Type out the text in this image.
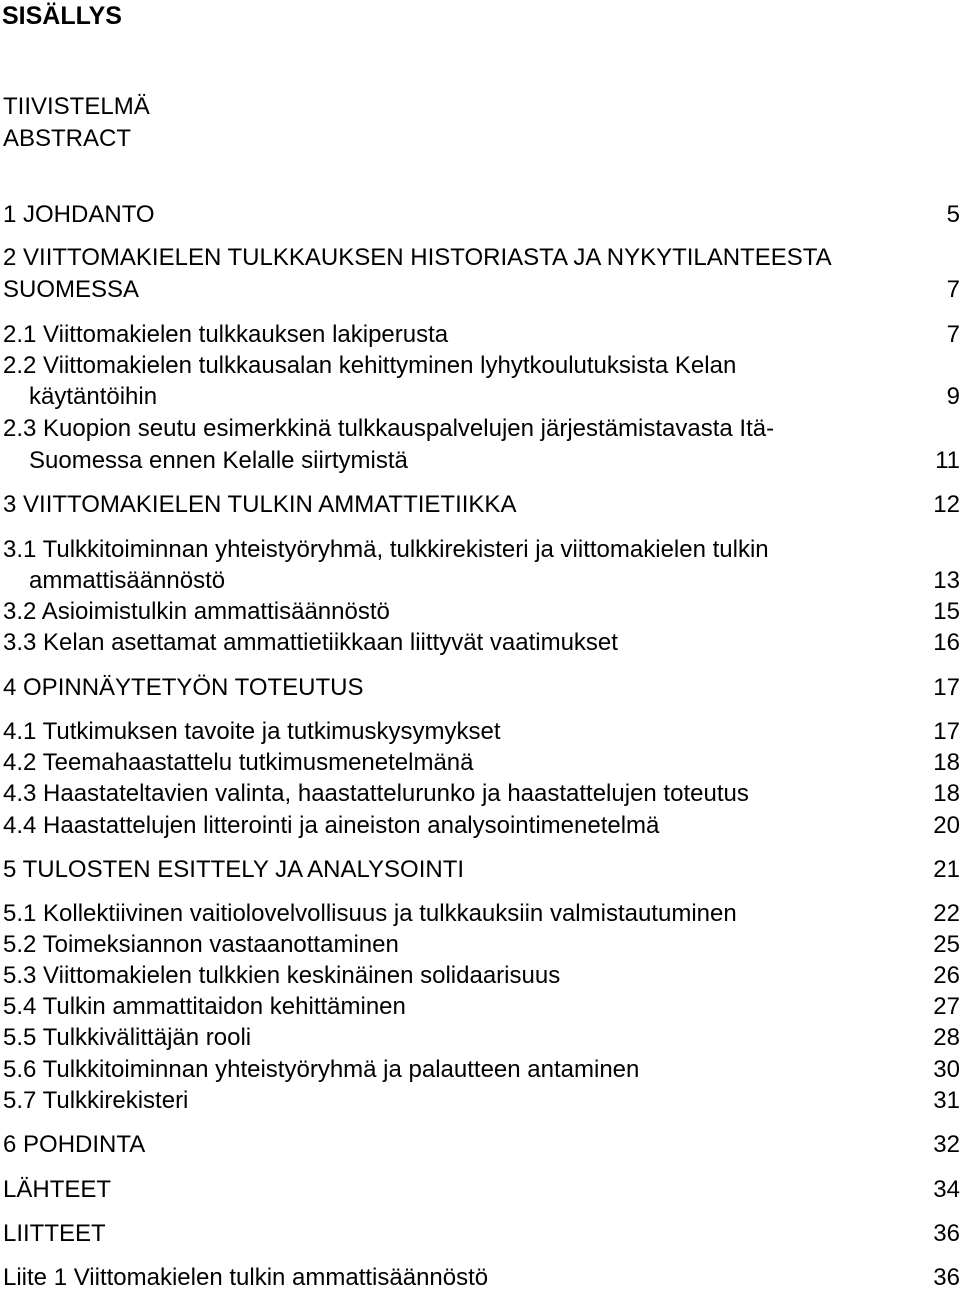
SISÄLLYS
TIIVISTELMÄ
ABSTRACT
1 JOHDANTO	5
2 VIITTOMAKIELEN TULKKAUKSEN HISTORIASTA JA NYKYTILANTEESTA
SUOMESSA	7
2.1 Viittomakielen tulkkauksen lakiperusta	7
2.2 Viittomakielen tulkkausalan kehittyminen lyhytkoulutuksista Kelan
käytäntöihin	9
2.3 Kuopion seutu esimerkkinä tulkkauspalvelujen järjestämistavasta Itä-
Suomessa ennen Kelalle siirtymistä	11
3 VIITTOMAKIELEN TULKIN AMMATTIETIIKKA	12
3.1 Tulkkitoiminnan yhteistyöryhmä, tulkkirekisteri ja viittomakielen tulkin
ammattisäännöstö	13
3.2 Asioimistulkin ammattisäännöstö	15
3.3 Kelan asettamat ammattietiikkaan liittyvät vaatimukset	16
4 OPINNÄYTETYÖN TOTEUTUS	17
4.1 Tutkimuksen tavoite ja tutkimuskysymykset	17
4.2 Teemahaastattelu tutkimusmenetelmänä	18
4.3 Haastateltavien valinta, haastattelurunko ja haastattelujen toteutus	18
4.4 Haastattelujen litterointi ja aineiston analysointimenetelmä	20
5 TULOSTEN ESITTELY JA ANALYSOINTI	21
5.1 Kollektiivinen vaitiolovelvollisuus ja tulkkauksiin valmistautuminen	22
5.2 Toimeksiannon vastaanottaminen	25
5.3 Viittomakielen tulkkien keskinäinen solidaarisuus	26
5.4 Tulkin ammattitaidon kehittäminen	27
5.5 Tulkkivälittäjän rooli	28
5.6 Tulkkitoiminnan yhteistyöryhmä ja palautteen antaminen	30
5.7 Tulkkirekisteri	31
6 POHDINTA	32
LÄHTEET	34
LIITTEET	36
Liite 1 Viittomakielen tulkin ammattisäännöstö	36
